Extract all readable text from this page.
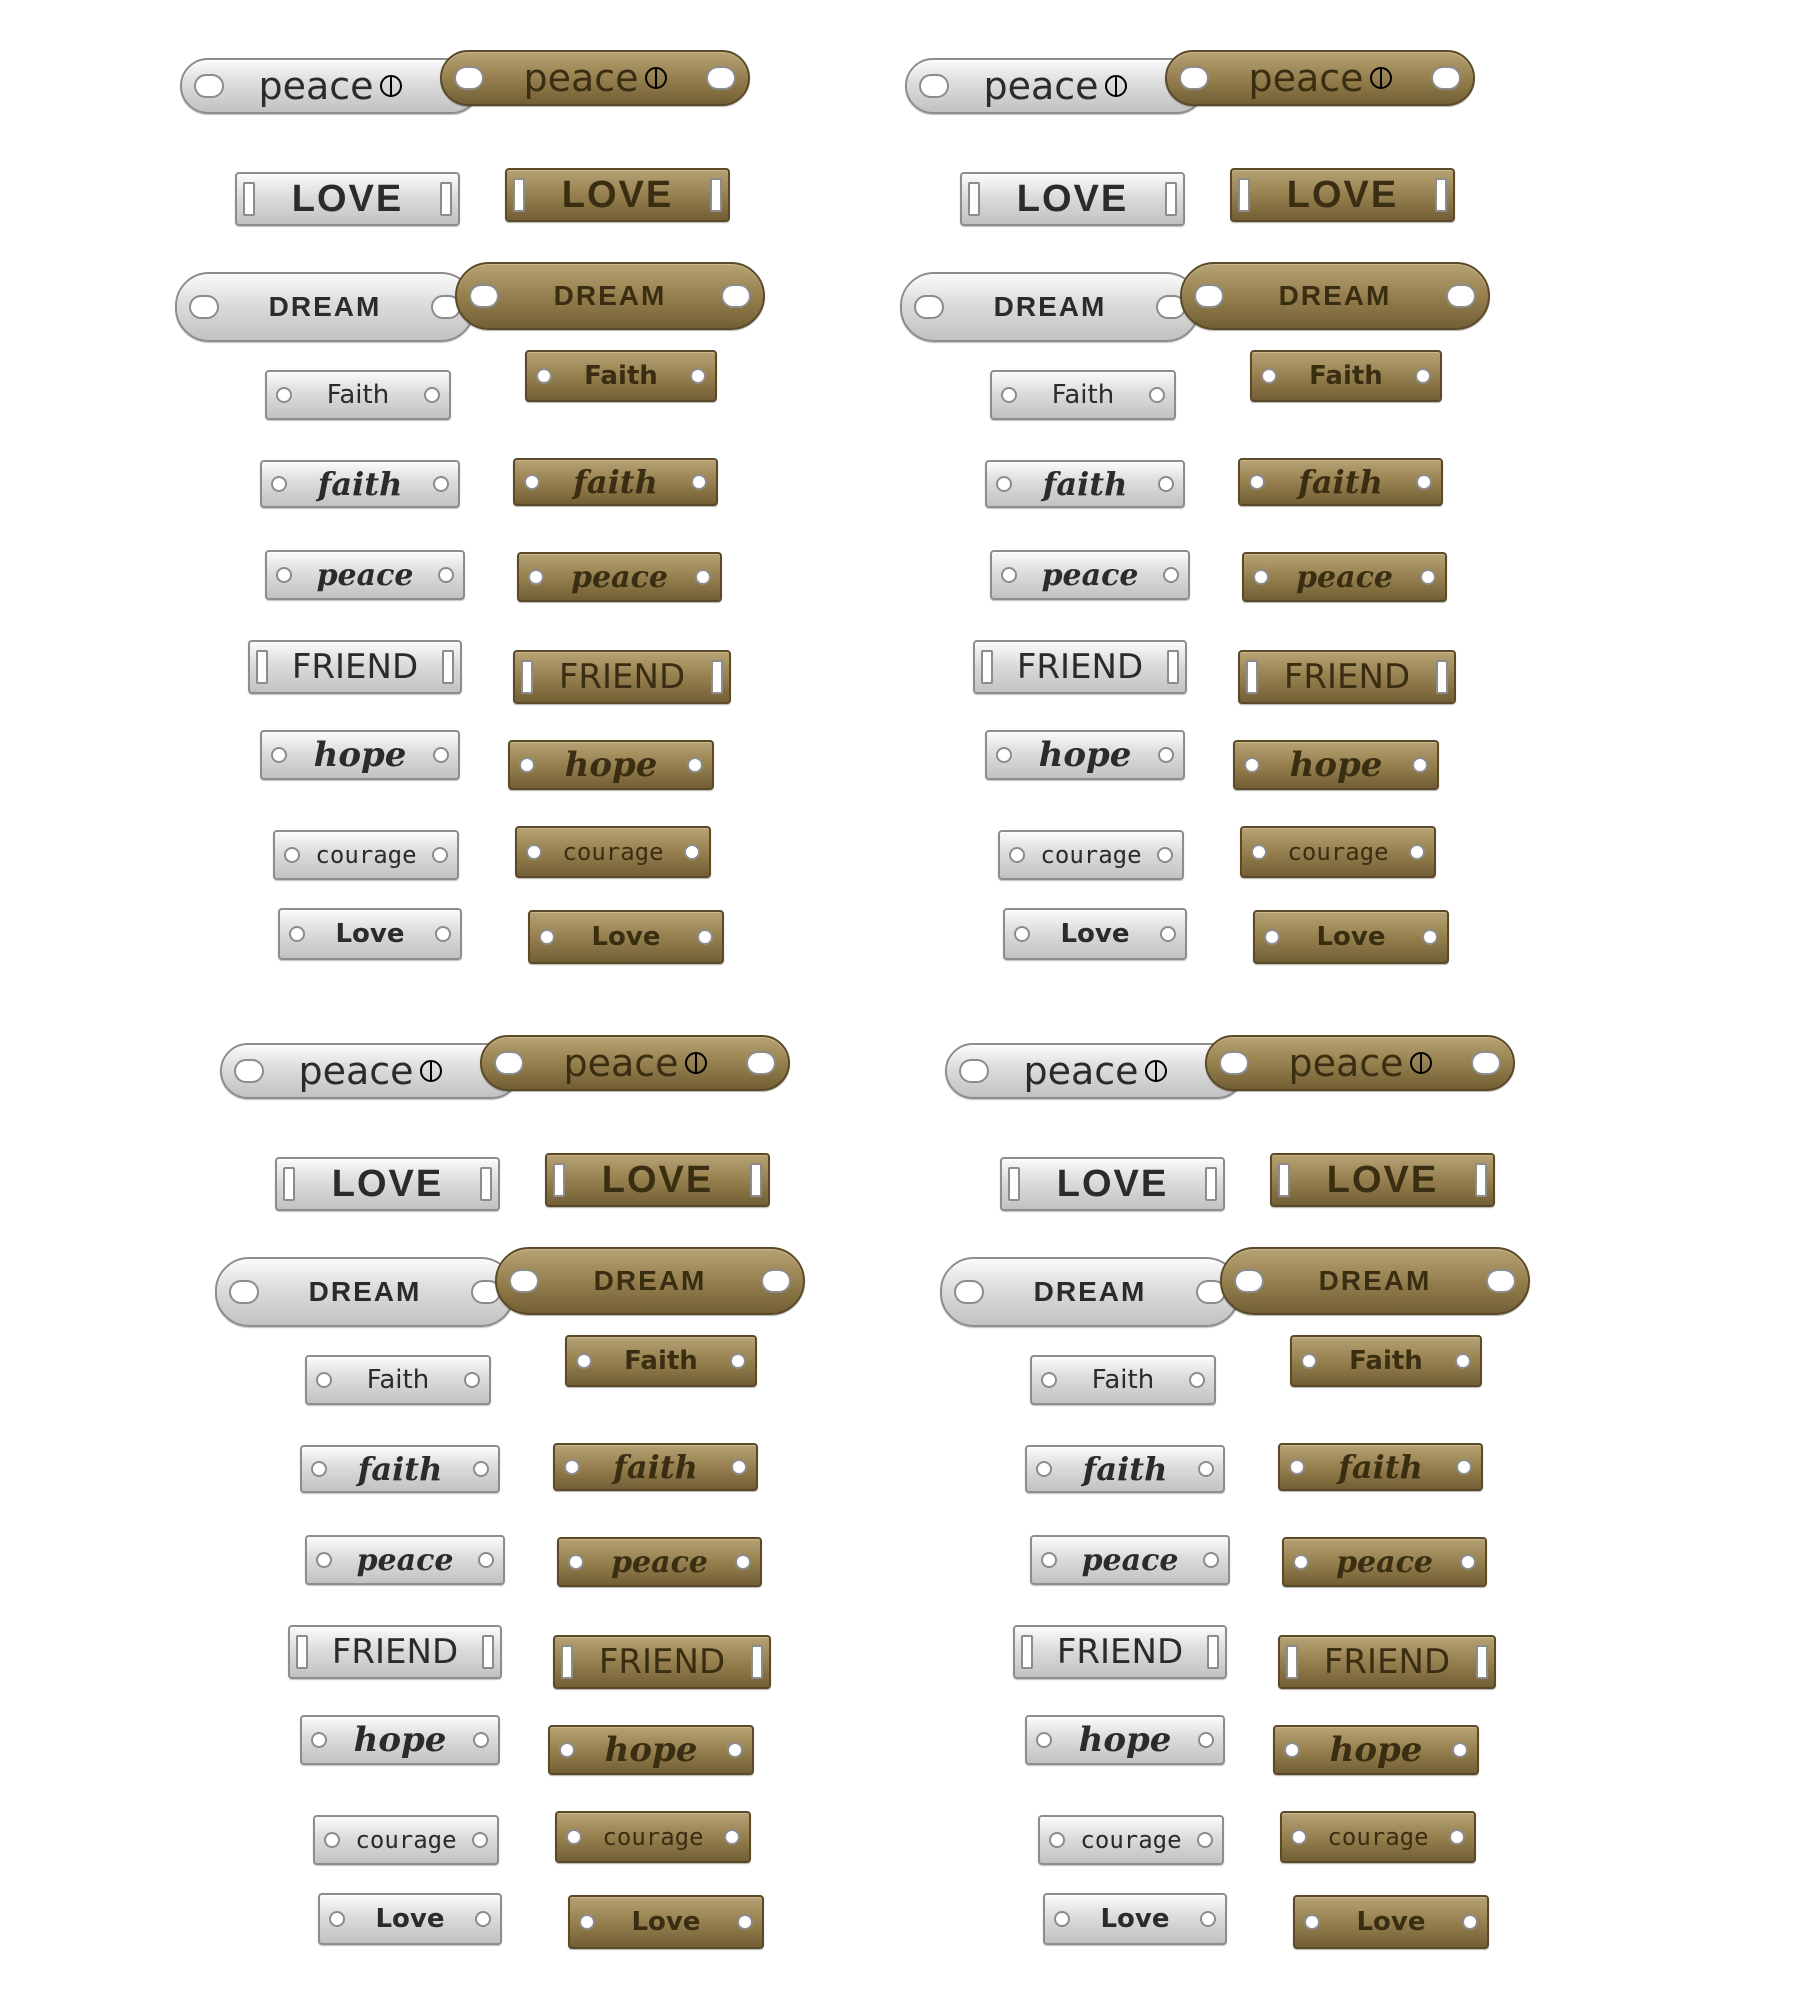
peace
LOVE
DREAM
Faith
faith
peace
FRIEND
hope
courage
Love
peace
LOVE
DREAM
Faith
faith
peace
FRIEND
hope
courage
Love
peace
LOVE
DREAM
Faith
faith
peace
FRIEND
hope
courage
Love
peace
LOVE
DREAM
Faith
faith
peace
FRIEND
hope
courage
Love
peace
LOVE
DREAM
Faith
faith
peace
FRIEND
hope
courage
Love
peace
LOVE
DREAM
Faith
faith
peace
FRIEND
hope
courage
Love
peace
LOVE
DREAM
Faith
faith
peace
FRIEND
hope
courage
Love
peace
LOVE
DREAM
Faith
faith
peace
FRIEND
hope
courage
Love
